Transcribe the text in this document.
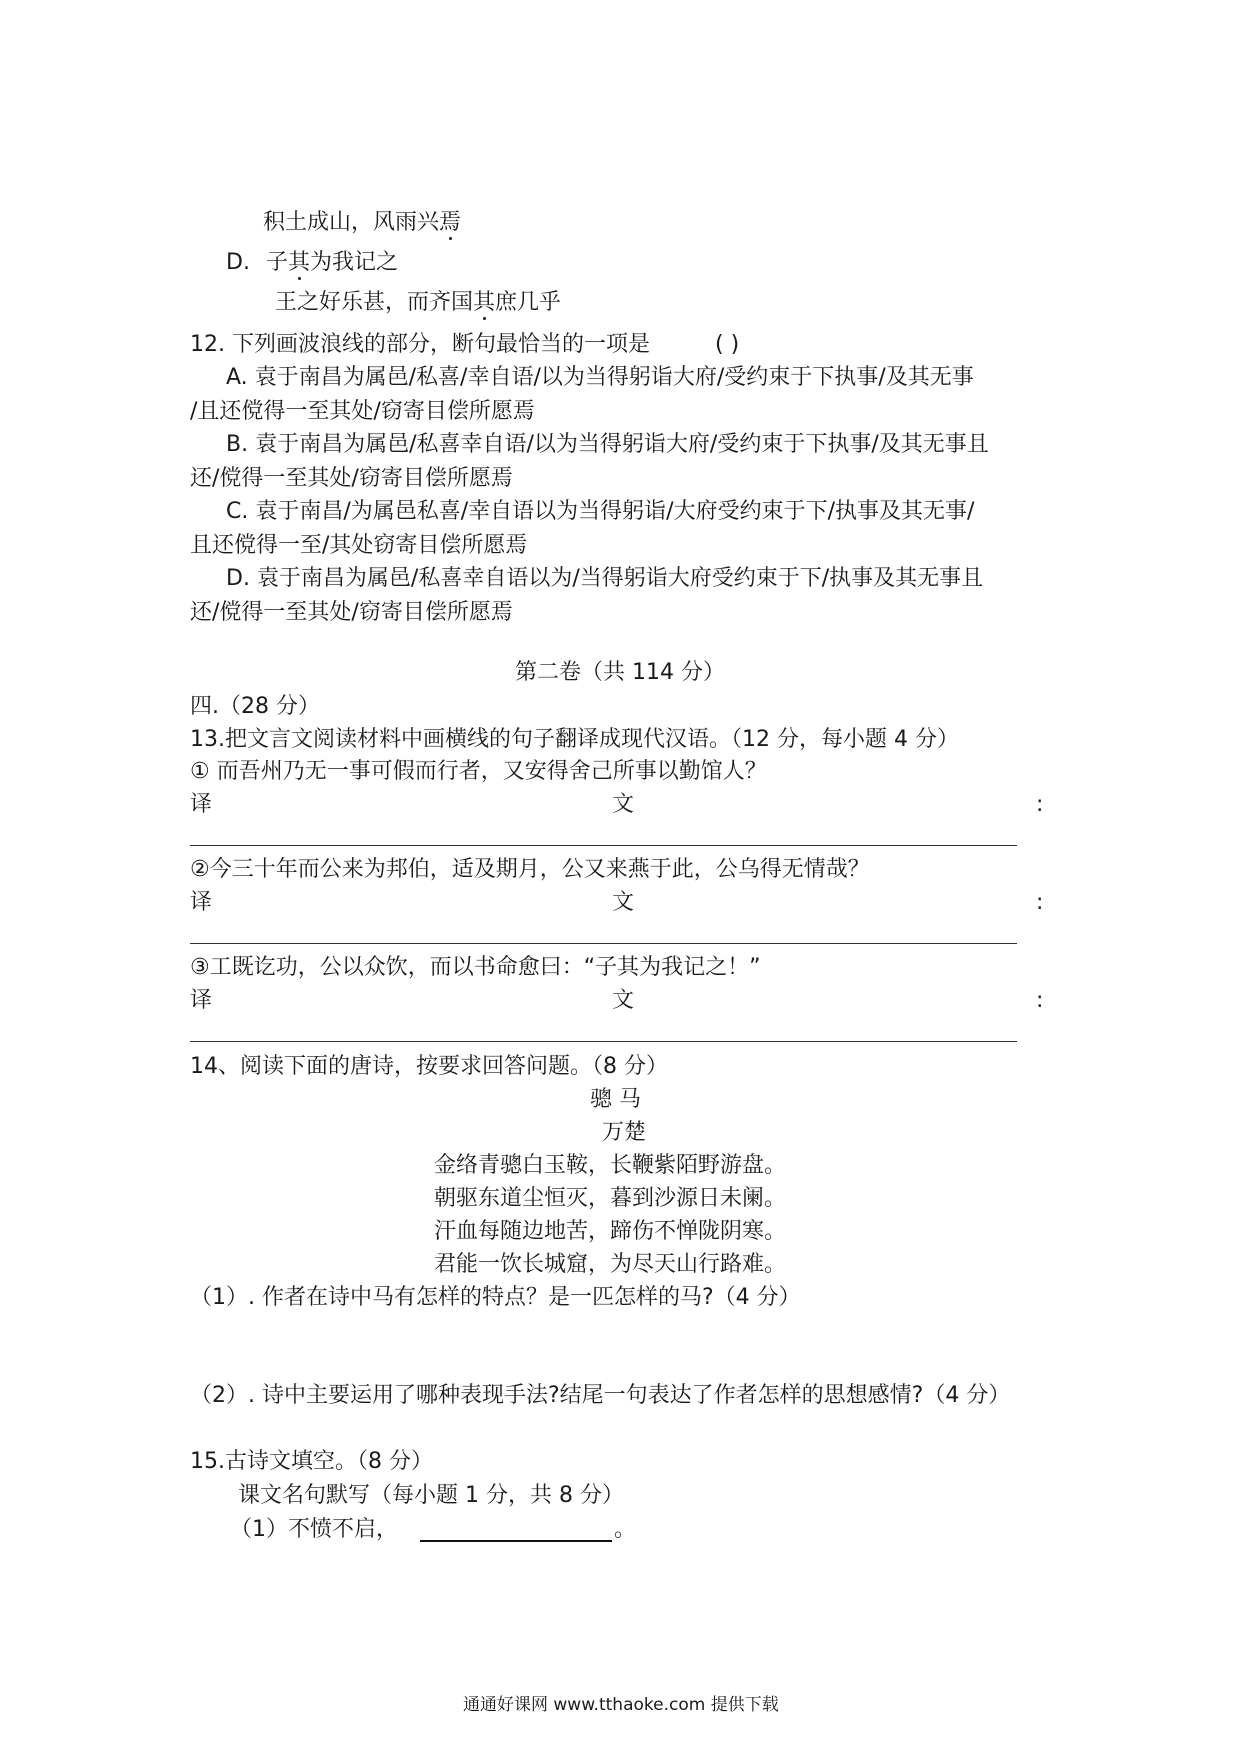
积土成山，风雨兴焉
D. 子其为我记之
王之好乐甚，而齐国其庶几乎
12. 下列画波浪线的部分，断句最恰当的一项是	( )
A. 袁于南昌为属邑/私喜/幸自语/以为当得躬诣大府/受约束于下执事/及其无事
/且还傥得一至其处/窃寄目偿所愿焉
B. 袁于南昌为属邑/私喜幸自语/以为当得躬诣大府/受约束于下执事/及其无事且
还/傥得一至其处/窃寄目偿所愿焉
C. 袁于南昌/为属邑私喜/幸自语以为当得躬诣/大府受约束于下/执事及其无事/
且还傥得一至/其处窃寄目偿所愿焉
D. 袁于南昌为属邑/私喜幸自语以为/当得躬诣大府受约束于下/执事及其无事且
还/傥得一至其处/窃寄目偿所愿焉
第二卷（共 114 分）
四.（28 分）
13.把文言文阅读材料中画横线的句子翻译成现代汉语。（12 分，每小题 4 分）
① 而吾州乃无一事可假而行者，又安得舍己所事以勤馆人？
译	文	:
②今三十年而公来为邦伯，适及期月，公又来燕于此，公乌得无情哉？
译	文	:
③工既讫功，公以众饮，而以书命愈曰：“子其为我记之！”
译	文	:
14、阅读下面的唐诗，按要求回答问题。（8 分）
骢 马
万楚
金络青骢白玉鞍，长鞭紫陌野游盘。
朝驱东道尘恒灭，暮到沙源日未阑。
汗血每随边地苦，蹄伤不惮陇阴寒。
君能一饮长城窟，为尽天山行路难。
（1）. 作者在诗中马有怎样的特点？是一匹怎样的马?（4 分）
（2）. 诗中主要运用了哪种表现手法?结尾一句表达了作者怎样的思想感情?（4 分）
15.古诗文填空。（8 分）
课文名句默写（每小题 1 分，共 8 分）
（1）不愤不启，	。
通通好课网 www.tthaoke.com 提供下载
